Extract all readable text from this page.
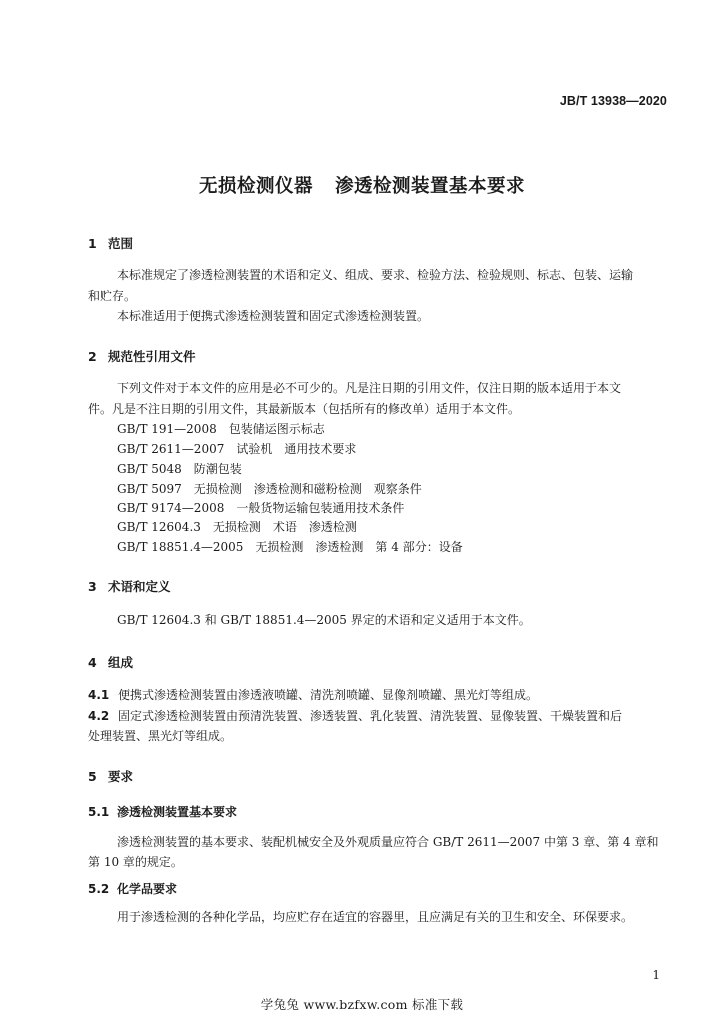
JB/T 13938—2020
无损检测仪器 渗透检测装置基本要求
1 范围
本标准规定了渗透检测装置的术语和定义、组成、要求、检验方法、检验规则、标志、包装、运输
和贮存。
本标准适用于便携式渗透检测装置和固定式渗透检测装置。
2 规范性引用文件
下列文件对于本文件的应用是必不可少的。凡是注日期的引用文件，仅注日期的版本适用于本文
件。凡是不注日期的引用文件，其最新版本（包括所有的修改单）适用于本文件。
GB/T 191—2008　包装储运图示标志
GB/T 2611—2007　试验机　通用技术要求
GB/T 5048　防潮包装
GB/T 5097　无损检测　渗透检测和磁粉检测　观察条件
GB/T 9174—2008　一般货物运输包装通用技术条件
GB/T 12604.3　无损检测　术语　渗透检测
GB/T 18851.4—2005　无损检测　渗透检测　第 4 部分：设备
3 术语和定义
GB/T 12604.3 和 GB/T 18851.4—2005 界定的术语和定义适用于本文件。
4 组成
4.1 便携式渗透检测装置由渗透液喷罐、清洗剂喷罐、显像剂喷罐、黑光灯等组成。
4.2 固定式渗透检测装置由预清洗装置、渗透装置、乳化装置、清洗装置、显像装置、干燥装置和后
处理装置、黑光灯等组成。
5 要求
5.1 渗透检测装置基本要求
渗透检测装置的基本要求、装配机械安全及外观质量应符合 GB/T 2611—2007 中第 3 章、第 4 章和
第 10 章的规定。
5.2 化学品要求
用于渗透检测的各种化学品，均应贮存在适宜的容器里，且应满足有关的卫生和安全、环保要求。
1
学兔兔 www.bzfxw.com 标准下载
